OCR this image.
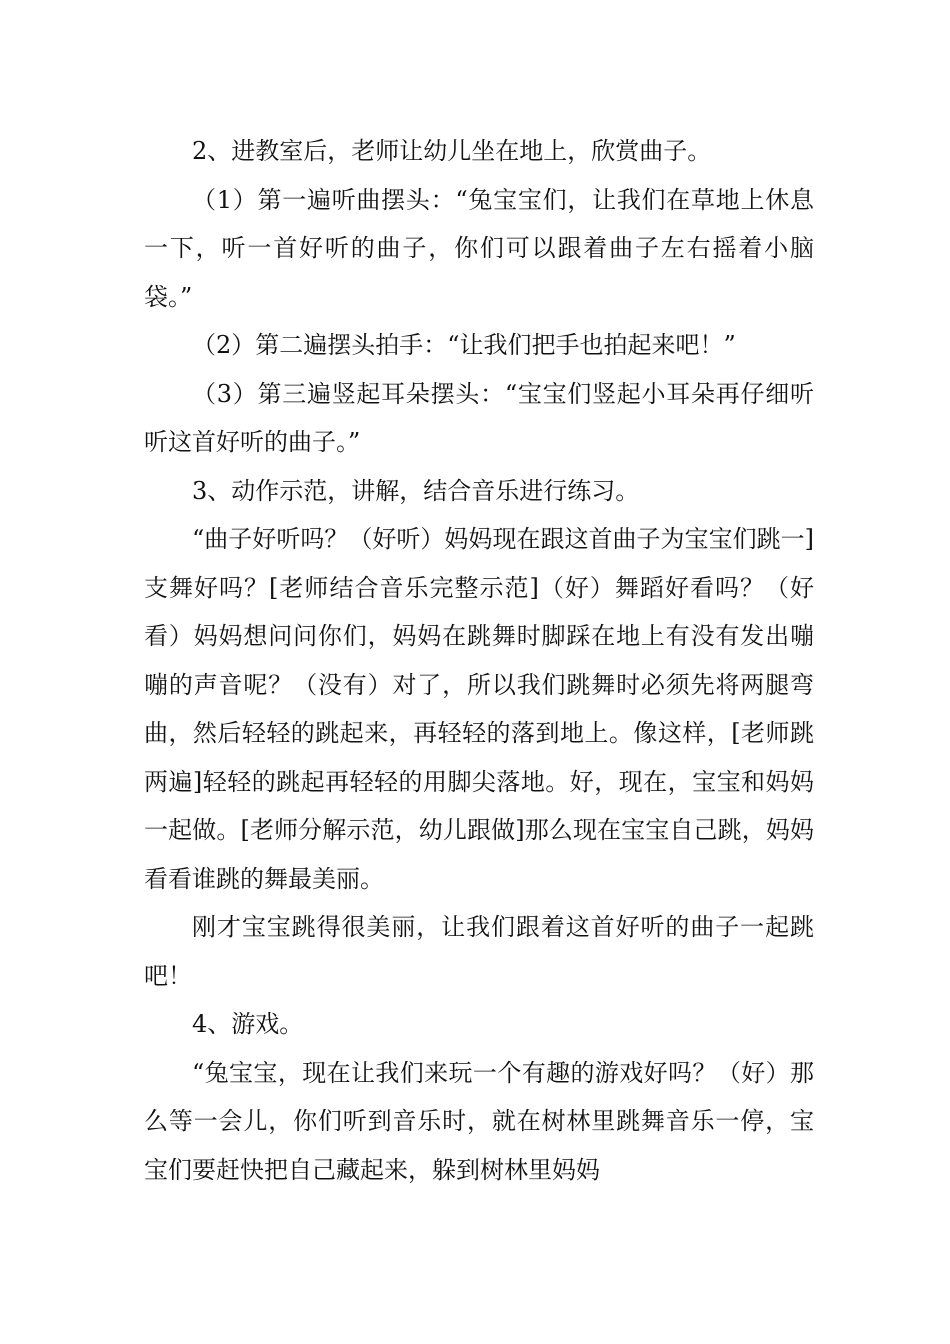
2、进教室后，老师让幼儿坐在地上，欣赏曲子。

（1）第一遍听曲摆头：“兔宝宝们，让我们在草地上休息一下，听一首好听的曲子，你们可以跟着曲子左右摇着小脑袋。”

（2）第二遍摆头拍手：“让我们把手也拍起来吧！”

（3）第三遍竖起耳朵摆头：“宝宝们竖起小耳朵再仔细听听这首好听的曲子。”

3、动作示范，讲解，结合音乐进行练习。

“曲子好听吗？（好听）妈妈现在跟这首曲子为宝宝们跳一]支舞好吗？[老师结合音乐完整示范]（好）舞蹈好看吗？（好看）妈妈想问问你们，妈妈在跳舞时脚踩在地上有没有发出嘣嘣的声音呢？（没有）对了，所以我们跳舞时必须先将两腿弯曲，然后轻轻的跳起来，再轻轻的落到地上。像这样，[老师跳两遍]轻轻的跳起再轻轻的用脚尖落地。好，现在，宝宝和妈妈一起做。[老师分解示范，幼儿跟做]那么现在宝宝自己跳，妈妈看看谁跳的舞最美丽。

刚才宝宝跳得很美丽，让我们跟着这首好听的曲子一起跳吧！

4、游戏。

“兔宝宝，现在让我们来玩一个有趣的游戏好吗？（好）那么等一会儿，你们听到音乐时，就在树林里跳舞音乐一停，宝宝们要赶快把自己藏起来，躲到树林里妈妈
